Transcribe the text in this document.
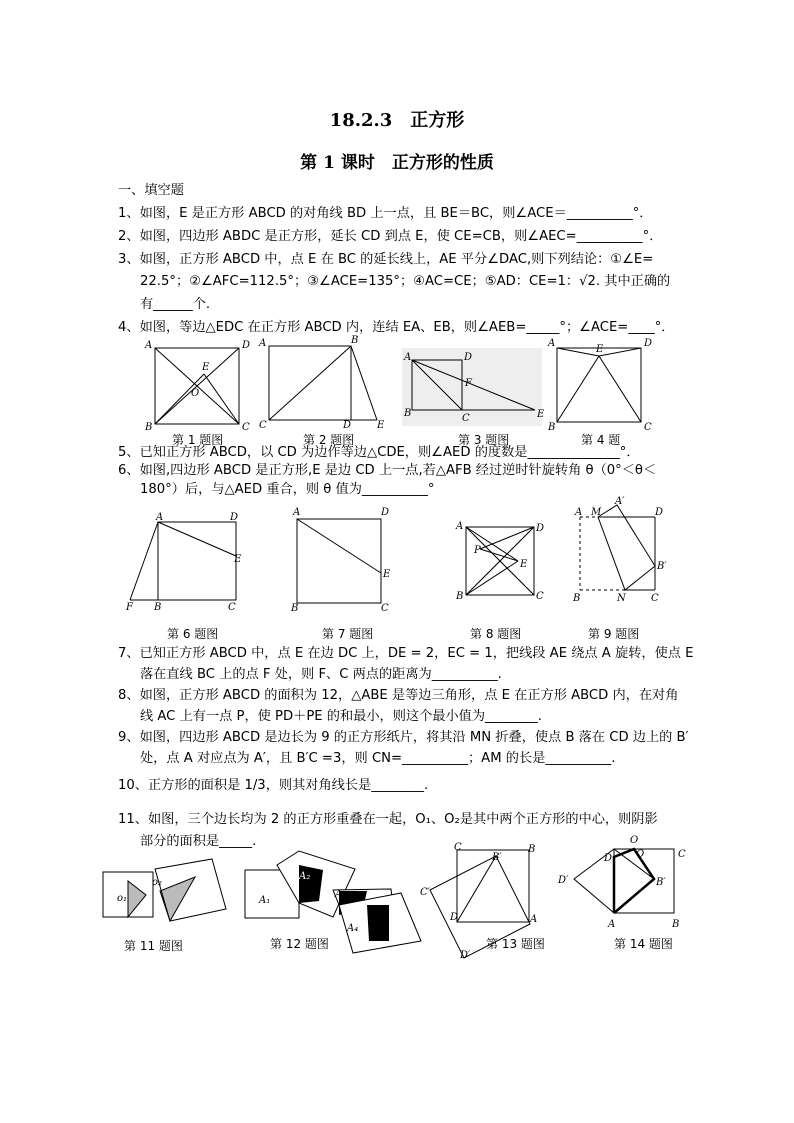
18.2.3　正方形
第 1 课时　正方形的性质
一、填空题
1、如图，E 是正方形 ABCD 的对角线 BD 上一点，且 BE＝BC，则∠ACE＝__________°．
2、如图，四边形 ABDC 是正方形，延长 CD 到点 E，使 CE=CB，则∠AEC=__________°．
3、如图，正方形 ABCD 中，点 E 在 BC 的延长线上，AE 平分∠DAC,则下列结论：①∠E=
22.5°；②∠AFC=112.5°；③∠ACE=135°；④AC=CE；⑤AD：CE=1：√2. 其中正确的
有______个.
4、如图，等边△EDC 在正方形 ABCD 内，连结 EA、EB，则∠AEB=_____°；∠ACE=____°．
A	D
B	C
E
O
A	B
C	D	E
A	D
B	C	E
F
A	D
B	C
E
第 1 题图	第 2 题图	第 3 题图	第 4 题
5、已知正方形 ABCD，以 CD 为边作等边△CDE，则∠AED 的度数是______________°．
6、如图,四边形 ABCD 是正方形,E 是边 CD 上一点,若△AFB 经过逆时针旋转角 θ（0°＜θ＜
180°）后，与△AED 重合，则 θ 值为__________°
A	D
F B	C
E
A	D
B	C
E
A	D
B	C
P
E
A M
A′
D
B′
B	N	C
第 6 题图	第 7 题图	第 8 题图	第 9 题图
7、已知正方形 ABCD 中，点 E 在边 DC 上，DE = 2，EC = 1，把线段 AE 绕点 A 旋转，使点 E
落在直线 BC 上的点 F 处，则 F、C 两点的距离为__________.
8、如图，正方形 ABCD 的面积为 12，△ABE 是等边三角形，点 E 在正方形 ABCD 内，在对角
线 AC 上有一点 P，使 PD＋PE 的和最小，则这个最小值为________.
9、如图，四边形 ABCD 是边长为 9 的正方形纸片，将其沿 MN 折叠，使点 B 落在 CD 边上的 B′
处，点 A 对应点为 A′，且 B′C =3，则 CN=__________；AM 的长是__________.
10、正方形的面积是 1/3，则其对角线长是________.
11、如图，三个边长均为 2 的正方形重叠在一起，O₁、O₂是其中两个正方形的中心，则阴影
部分的面积是_____.
o₁
o₂
A₁
A₂
A₃
A₄
C	B
B′
C′
D	A
D′
O
D O	C
D′	B′
A	B
第 11 题图	第 12 题图	第 13 题图	第 14 题图
